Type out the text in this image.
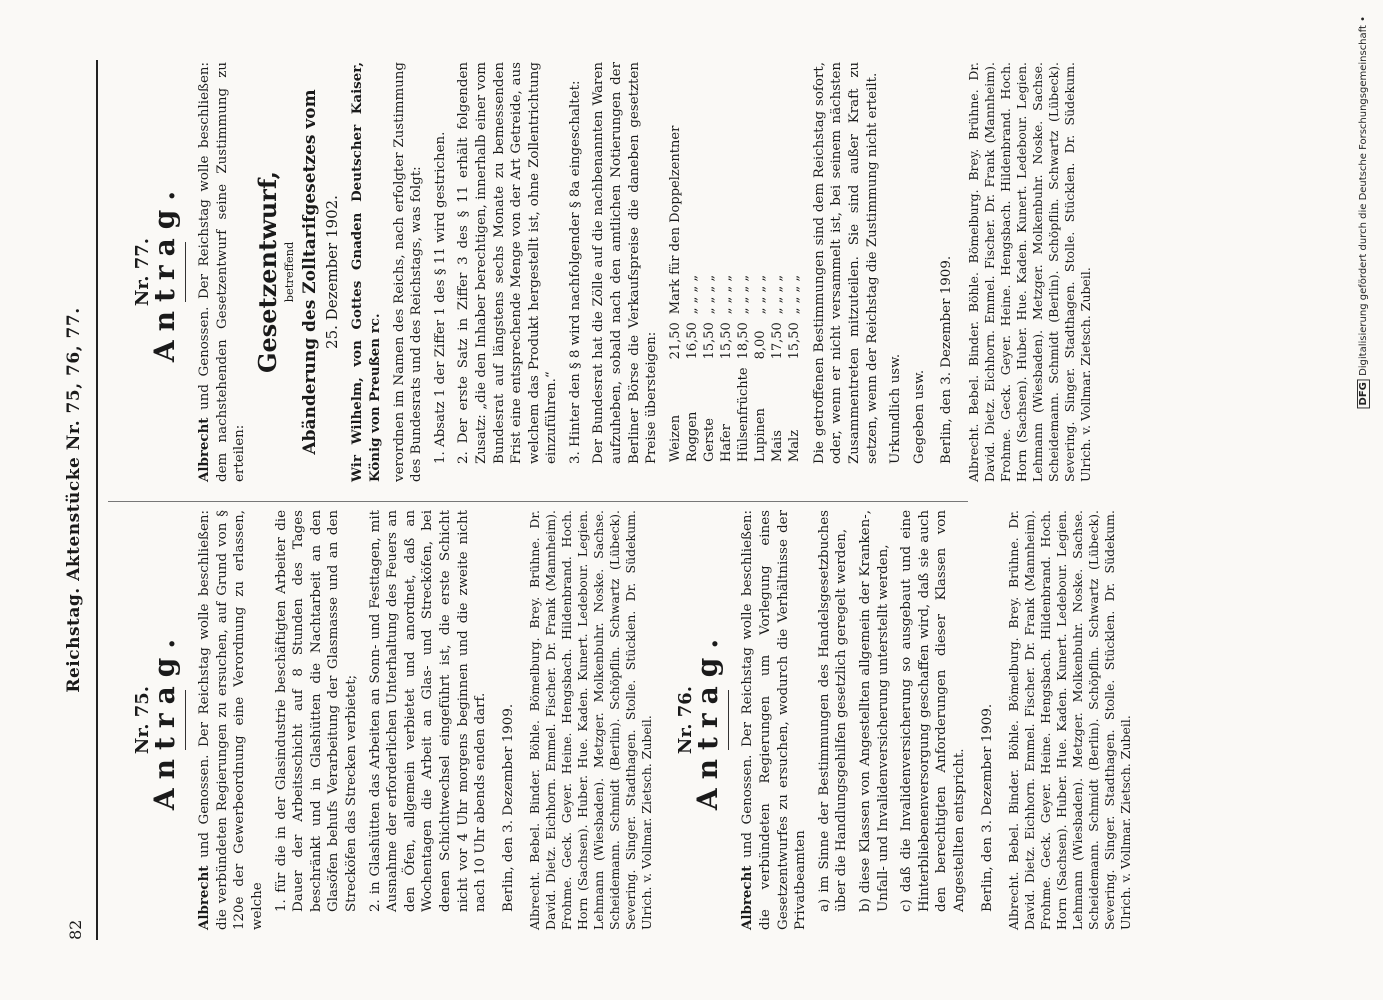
82
Reichstag. Aktenstücke Nr. 75, 76, 77.
Nr. 75.
Antrag.

Albrecht und Genossen. Der Reichstag wolle beschließen: die verbündeten Regierungen zu ersuchen, auf Grund von § 120e der Gewerbeordnung eine Verordnung zu erlassen, welche 1. für die in der Glasindustrie beschäftigten Arbeiter die Dauer der Arbeitsschicht auf 8 Stunden des Tages beschränkt und in Glashütten die Nachtarbeit an den Glasöfen behufs Verarbeitung der Glasmasse und an den Strecköfen das Strecken verbietet; 2. in Glashütten das Arbeiten an Sonn- und Festtagen, mit Ausnahme der erforderlichen Unterhaltung des Feuers an den Öfen, allgemein verbietet und anordnet, daß an Wochentagen die Arbeit an Glas- und Strecköfen, bei denen Schichtwechsel eingeführt ist, die erste Schicht nicht vor 4 Uhr morgens beginnen und die zweite nicht nach 10 Uhr abends enden darf. Berlin, den 3. Dezember 1909. Albrecht. Bebel. Binder. Böhle. Bömelburg. Brey. Brühne. Dr. David. Dietz. Eichhorn. Emmel. Fischer. Dr. Frank (Mannheim). Frohme. Geck. Geyer. Heine. Hengsbach. Hildenbrand. Hoch. Horn (Sachsen). Huber. Hue. Kaden. Kunert. Ledebour. Legien. Lehmann (Wiesbaden). Metzger. Molkenbuhr. Noske. Sachse. Scheidemann. Schmidt (Berlin). Schöpflin. Schwartz (Lübeck). Severing. Singer. Stadthagen. Stolle. Stücklen. Dr. Südekum. Ulrich. v. Vollmar. Zietsch. Zubeil. Nr. 76.
Antrag.

Albrecht und Genossen. Der Reichstag wolle beschließen: die verbündeten Regierungen um Vorlegung eines Gesetzentwurfes zu ersuchen, wodurch die Verhältnisse der Privatbeamten a) im Sinne der Bestimmungen des Handelsgesetzbuches über die Handlungsgehilfen gesetzlich geregelt werden, b) diese Klassen von Angestellten allgemein der Kranken-, Unfall- und Invalidenversicherung unterstellt werden, c) daß die Invalidenversicherung so ausgebaut und eine Hinterbliebenenversorgung geschaffen wird, daß sie auch den berechtigten Anforderungen dieser Klassen von Angestellten entspricht. Berlin, den 3. Dezember 1909. Albrecht. Bebel. Binder. Böhle. Bömelburg. Brey. Brühne. Dr. David. Dietz. Eichhorn. Emmel. Fischer. Dr. Frank (Mannheim). Frohme. Geck. Geyer. Heine. Hengsbach. Hildenbrand. Hoch. Horn (Sachsen). Huber. Hue. Kaden. Kunert. Ledebour. Legien. Lehmann (Wiesbaden). Metzger. Molkenbuhr. Noske. Sachse. Scheidemann. Schmidt (Berlin). Schöpflin. Schwartz (Lübeck). Severing. Singer. Stadthagen. Stolle. Stücklen. Dr. Südekum. Ulrich. v. Vollmar. Zietsch. Zubeil.

Nr. 77.
Antrag.

Albrecht und Genossen. Der Reichstag wolle beschließen: dem nachstehenden Gesetzentwurf seine Zustimmung zu erteilen:

Gesetzentwurf, betreffend Abänderung des Zolltarifgesetzes vom 25. Dezember 1902. Wir Wilhelm, von Gottes Gnaden Deutscher Kaiser, König von Preußen rc. verordnen im Namen des Reichs, nach erfolgter Zustimmung des Bundesrats und des Reichstags, was folgt: 1. Absatz 1 der Ziffer 1 des § 11 wird gestrichen. 2. Der erste Satz in Ziffer 3 des § 11 erhält folgenden Zusatz: „die den Inhaber berechtigen, innerhalb einer vom Bundesrat auf längstens sechs Monate zu bemessenden Frist eine entsprechende Menge von der Art Getreide, aus welchem das Produkt hergestellt ist, ohne Zollentrichtung einzuführen.“ 3. Hinter den § 8 wird nachfolgender § 8a eingeschaltet: Der Bundesrat hat die Zölle auf die nachbenannten Waren aufzuheben, sobald nach den amtlichen Notierungen der Berliner Börse die Verkaufspreise die daneben gesetzten Preise übersteigen: Weizen	21,50	Mark für den Doppelzentner
Roggen	16,50	„ „ „ „
Gerste	15,50	„ „ „ „
Hafer	15,50	„ „ „ „
Hülsenfrüchte	18,50	„ „ „ „
Lupinen	8,00	„ „ „ „
Mais	17,50	„ „ „ „
Malz	15,50	„ „ „ „ Die getroffenen Bestimmungen sind dem Reichstag sofort, oder, wenn er nicht versammelt ist, bei seinem nächsten Zusammentreten mitzuteilen. Sie sind außer Kraft zu setzen, wenn der Reichstag die Zustimmung nicht erteilt. Urkundlich usw. Gegeben usw. Berlin, den 3. Dezember 1909. Albrecht. Bebel. Binder. Böhle. Bömelburg. Brey. Brühne. Dr. David. Dietz. Eichhorn. Emmel. Fischer. Dr. Frank (Mannheim). Frohme. Geck. Geyer. Heine. Hengsbach. Hildenbrand. Hoch. Horn (Sachsen). Huber. Hue. Kaden. Kunert. Ledebour. Legien. Lehmann (Wiesbaden). Metzger. Molkenbuhr. Noske. Sachse. Scheidemann. Schmidt (Berlin). Schöpflin. Schwartz (Lübeck). Severing. Singer. Stadthagen. Stolle. Stücklen. Dr. Südekum. Ulrich. v. Vollmar. Zietsch. Zubeil.	DFG Digitalisierung gefördert durch die Deutsche Forschungsgemeinschaft •
